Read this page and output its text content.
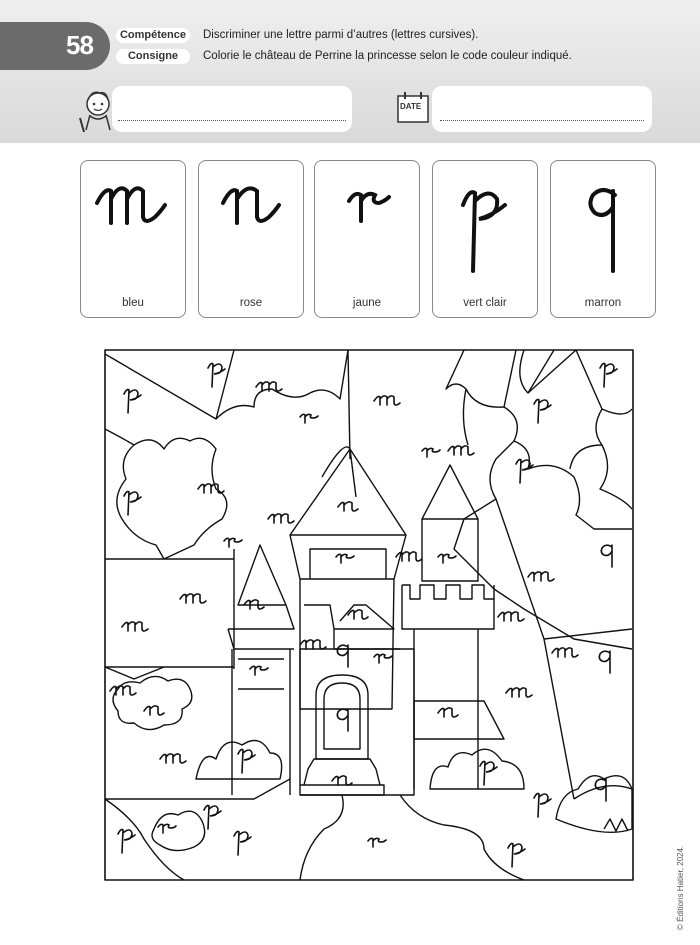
58	Compétence	Discriminer une lettre parmi d’autres (lettres cursives).
Consigne	Colorie le château de Perrine la princesse selon le code couleur indiqué.
DATE
bleu	rose	jaune	vert clair	marron
© Éditions Hatier, 2024.
